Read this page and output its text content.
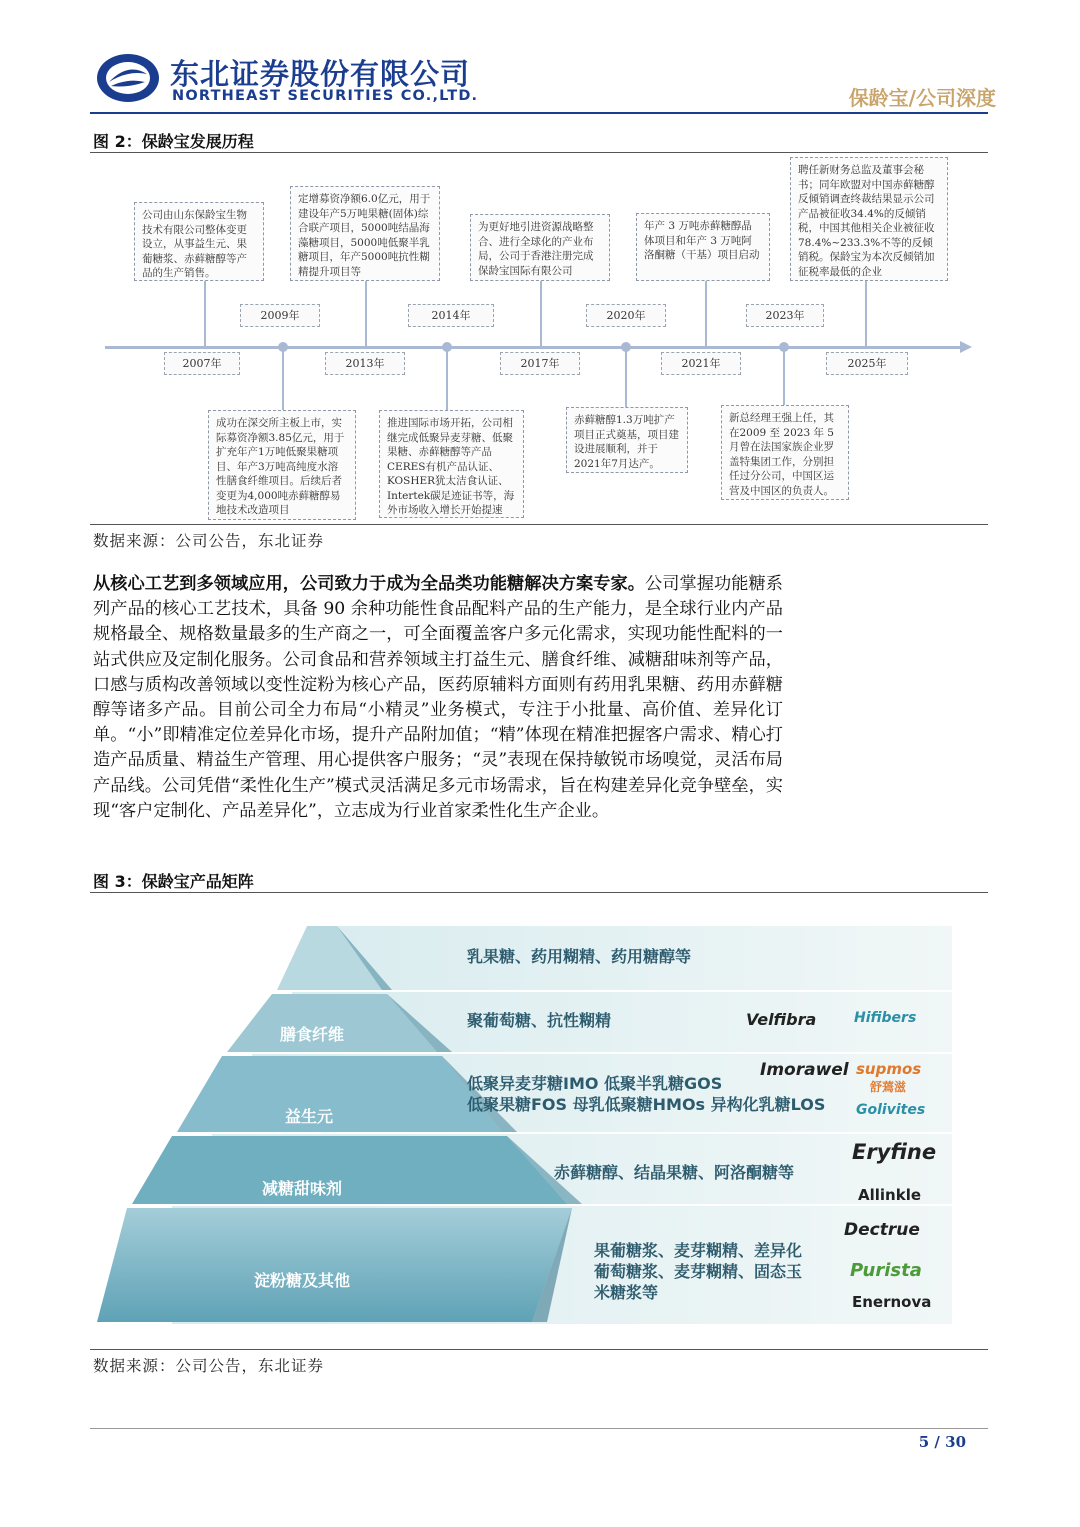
东北证券股份有限公司
NORTHEAST SECURITIES CO.,LTD.	保龄宝/公司深度
图 2：保龄宝发展历程
2009年	2014年	2020年	2023年
2007年	2013年	2017年	2021年	2025年
公司由山东保龄宝生物技术有限公司整体变更设立，从事益生元、果葡糖浆、赤藓糖醇等产品的生产销售。
定增募资净额6.0亿元，用于建设年产5万吨果糖(固体)综合联产项目，5000吨结晶海藻糖项目，5000吨低聚半乳糖项目，年产5000吨抗性糊精提升项目等
为更好地引进资源战略整合、进行全球化的产业布局，公司于香港注册完成保龄宝国际有限公司
年产 3 万吨赤藓糖醇晶体项目和年产 3 万吨阿洛酮糖（干基）项目启动
聘任新财务总监及董事会秘书；同年欧盟对中国赤藓糖醇反倾销调查终裁结果显示公司产品被征收34.4%的反倾销税，中国其他相关企业被征收 78.4%~233.3%不等的反倾销税。保龄宝为本次反倾销加征税率最低的企业
成功在深交所主板上市，实际募资净额3.85亿元，用于扩充年产1万吨低聚果糖项目、年产3万吨高纯度水溶性膳食纤维项目。后续后者变更为4,000吨赤藓糖醇易地技术改造项目
推进国际市场开拓，公司相继完成低聚异麦芽糖、低聚果糖、赤藓糖醇等产品CERES有机产品认证、KOSHER犹太洁食认证、Intertek碳足迹证书等，海外市场收入增长开始提速
赤藓糖醇1.3万吨扩产项目正式奠基，项目建设进展顺利，并于2021年7月达产。
新总经理王强上任，其在2009 至 2023 年 5 月曾在法国家族企业罗盖特集团工作，分别担任过分公司，中国区运营及中国区的负责人。
数据来源：公司公告，东北证券
从核心工艺到多领域应用，公司致力于成为全品类功能糖解决方案专家。公司掌握功能糖系列产品的核心工艺技术，具备 90 余种功能性食品配料产品的生产能力，是全球行业内产品规格最全、规格数量最多的生产商之一，可全面覆盖客户多元化需求，实现功能性配料的一站式供应及定制化服务。公司食品和营养领域主打益生元、膳食纤维、减糖甜味剂等产品，口感与质构改善领域以变性淀粉为核心产品，医药原辅料方面则有药用乳果糖、药用赤藓糖醇等诸多产品。目前公司全力布局“小精灵”业务模式，专注于小批量、高价值、差异化订单。“小”即精准定位差异化市场，提升产品附加值；“精”体现在精准把握客户需求、精心打造产品质量、精益生产管理、用心提供客户服务；“灵”表现在保持敏锐市场嗅觉，灵活布局产品线。公司凭借“柔性化生产”模式灵活满足多元市场需求，旨在构建差异化竞争壁垒，实现“客户定制化、产品差异化”，立志成为行业首家柔性化生产企业。
图 3：保龄宝产品矩阵
膳食纤维
益生元
减糖甜味剂
淀粉糖及其他
乳果糖、药用糊精、药用糖醇等
聚葡萄糖、抗性糊精
低聚异麦芽糖IMO 低聚半乳糖GOS
低聚果糖FOS 母乳低聚糖HMOs 异构化乳糖LOS
赤藓糖醇、结晶果糖、阿洛酮糖等
果葡糖浆、麦芽糊精、差异化
葡萄糖浆、麦芽糊精、固态玉
米糖浆等
Velfibra	Hifibers
Imorawel supmos
舒蔫滋
Golivites
Eryfine
Allinkle
Dectrue
Purista
Enernova
数据来源：公司公告，东北证券
5 / 30
